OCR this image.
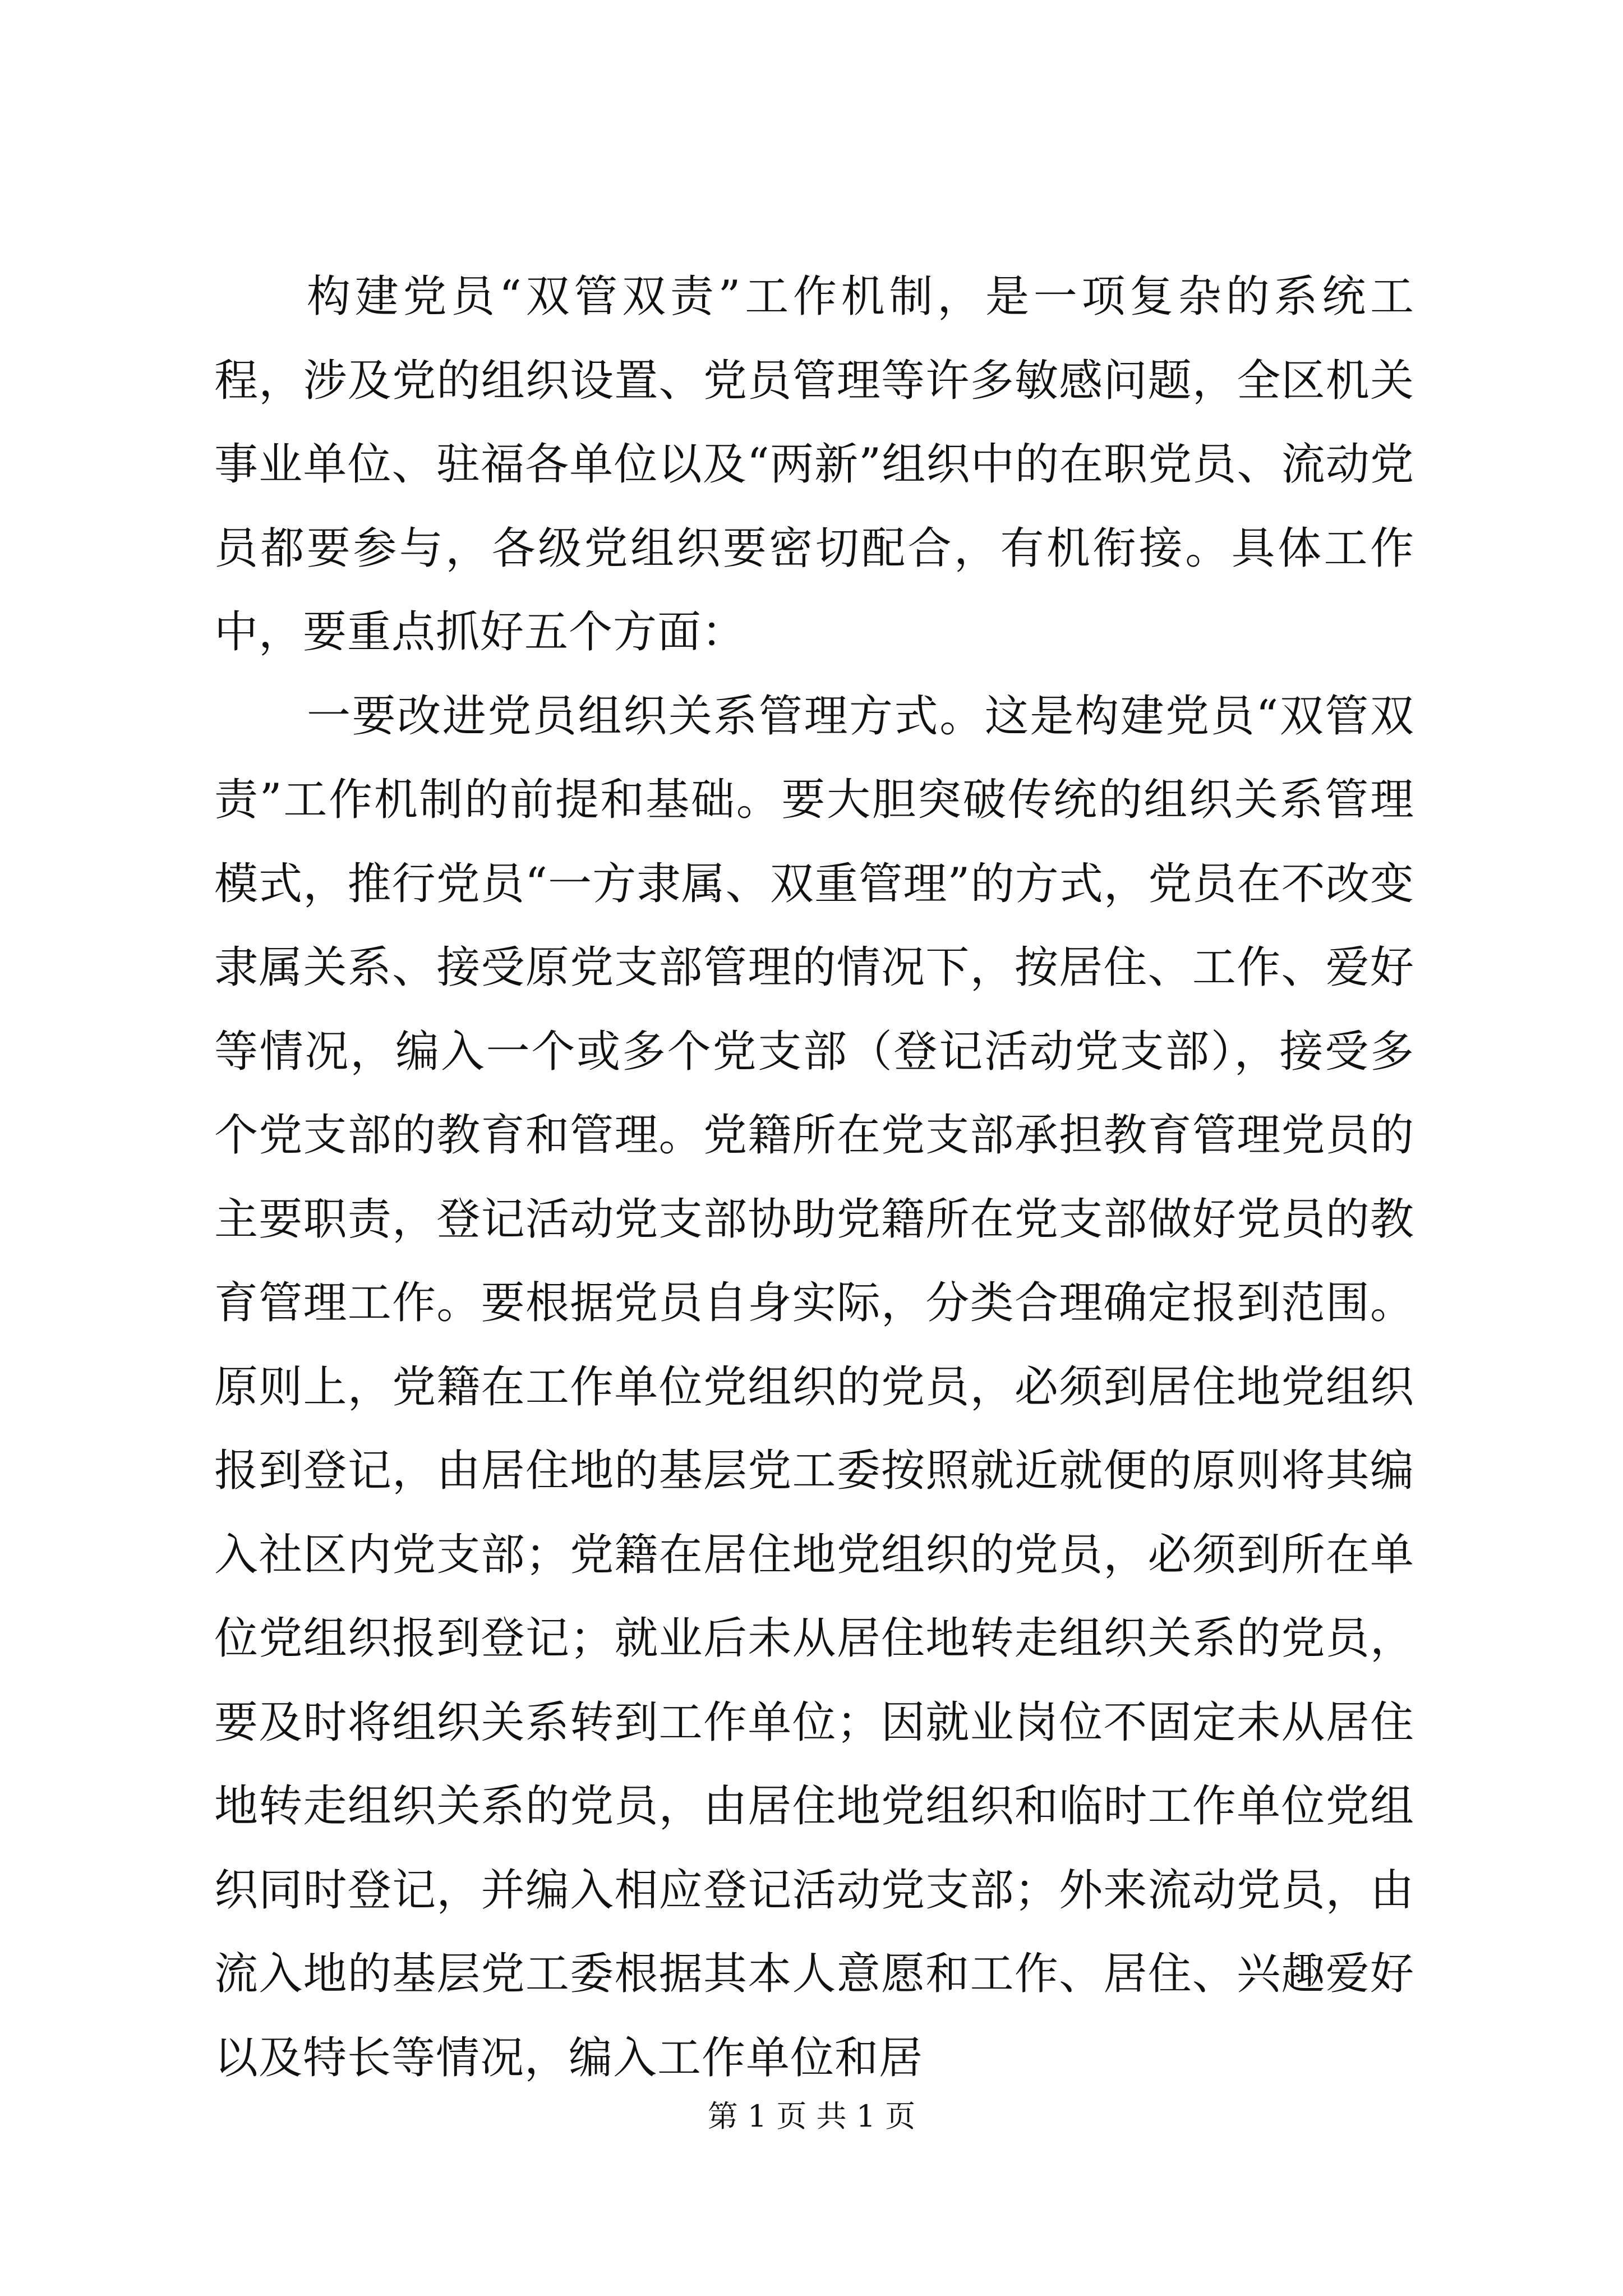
构建党员“双管双责”工作机制，是一项复杂的系统工程，涉及党的组织设置、党员管理等许多敏感问题，全区机关事业单位、驻福各单位以及“两新”组织中的在职党员、流动党员都要参与，各级党组织要密切配合，有机衔接。具体工作中，要重点抓好五个方面：

一要改进党员组织关系管理方式。这是构建党员“双管双责”工作机制的前提和基础。要大胆突破传统的组织关系管理模式，推行党员“一方隶属、双重管理”的方式，党员在不改变隶属关系、接受原党支部管理的情况下，按居住、工作、爱好等情况，编入一个或多个党支部（登记活动党支部），接受多个党支部的教育和管理。党籍所在党支部承担教育管理党员的主要职责，登记活动党支部协助党籍所在党支部做好党员的教育管理工作。要根据党员自身实际，分类合理确定报到范围。原则上，党籍在工作单位党组织的党员，必须到居住地党组织报到登记，由居住地的基层党工委按照就近就便的原则将其编入社区内党支部；党籍在居住地党组织的党员，必须到所在单位党组织报到登记；就业后未从居住地转走组织关系的党员，要及时将组织关系转到工作单位；因就业岗位不固定未从居住地转走组织关系的党员，由居住地党组织和临时工作单位党组织同时登记，并编入相应登记活动党支部；外来流动党员，由流入地的基层党工委根据其本人意愿和工作、居住、兴趣爱好以及特长等情况，编入工作单位和居

第 1 页 共 1 页
